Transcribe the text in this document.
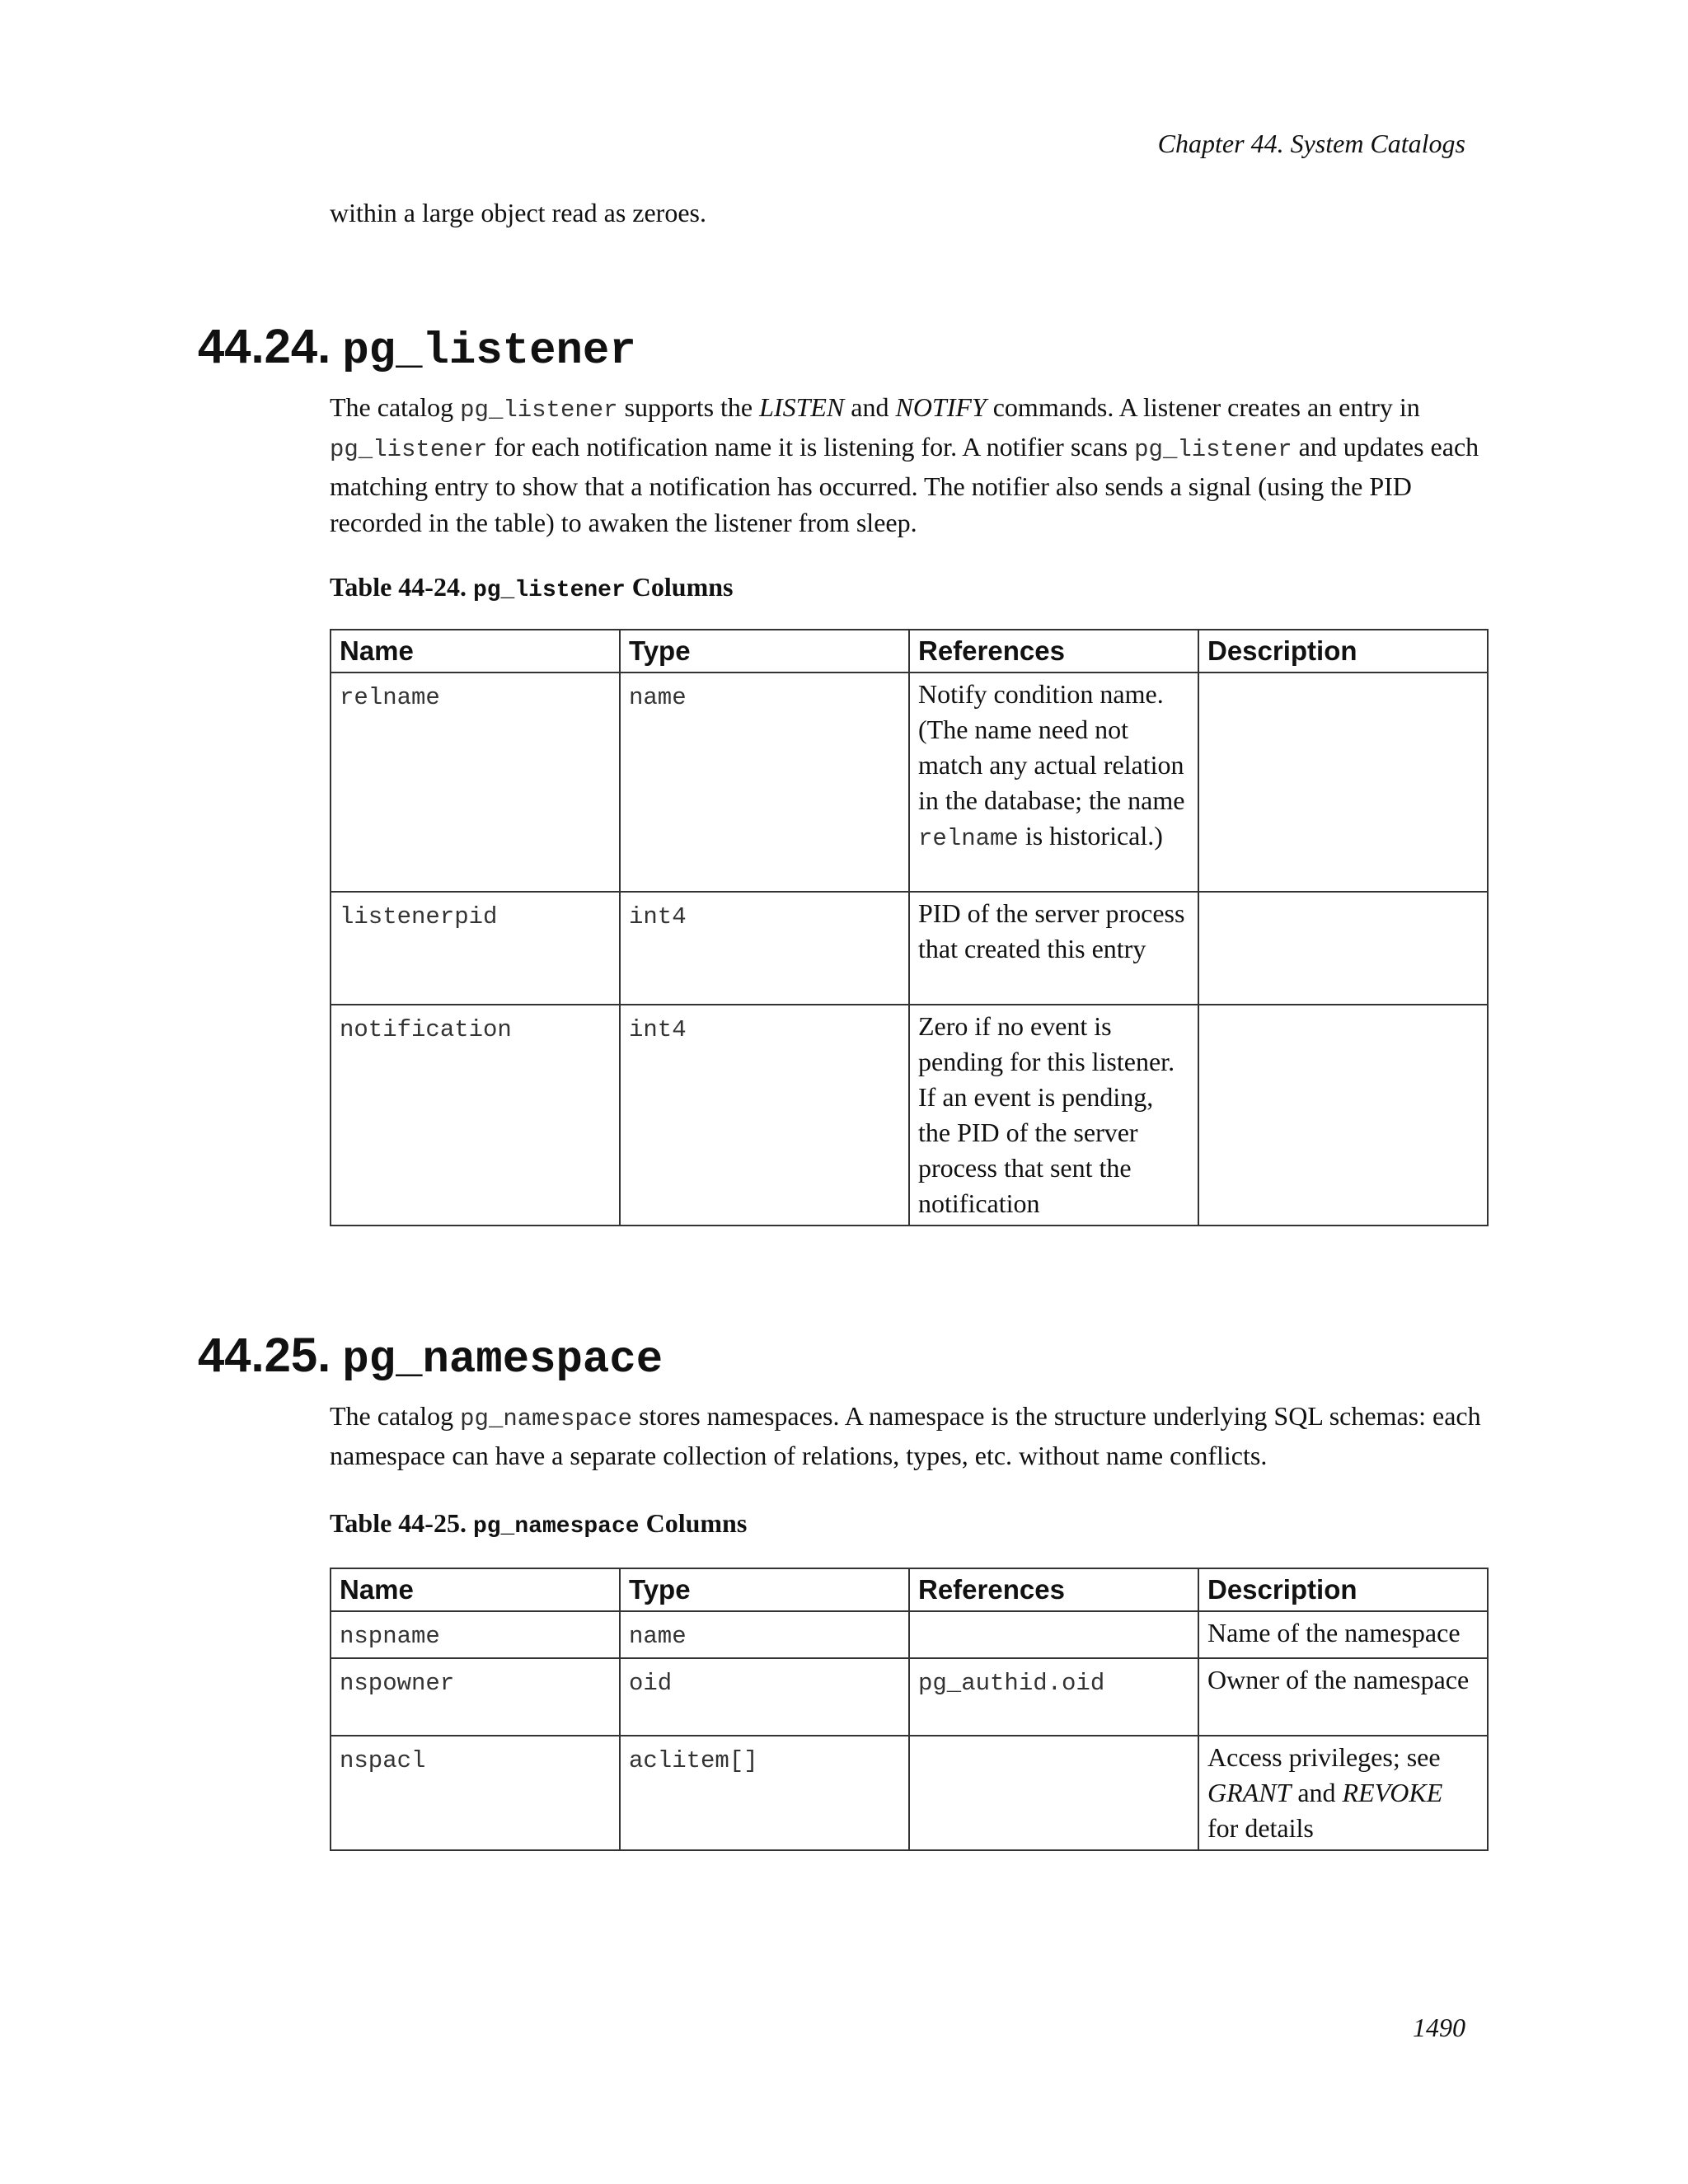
Chapter 44. System Catalogs
within a large object read as zeroes.
44.24. pg_listener

The catalog pg_listener supports the LISTEN and NOTIFY commands. A listener creates an entry in pg_listener for each notification name it is listening for. A notifier scans pg_listener and updates each matching entry to show that a notification has occurred. The notifier also sends a signal (using the PID recorded in the table) to awaken the listener from sleep.

Table 44-24. pg_listener Columns

Name	Type	References	Description
relname	name	Notify condition name. (The name need not match any actual relation in the database; the name relname is historical.)	
listenerpid	int4	PID of the server process that created this entry	
notification	int4	Zero if no event is pending for this listener. If an event is pending, the PID of the server process that sent the notification	
44.25. pg_namespace

The catalog pg_namespace stores namespaces. A namespace is the structure underlying SQL schemas: each namespace can have a separate collection of relations, types, etc. without name conflicts.

Table 44-25. pg_namespace Columns

Name	Type	References	Description
nspname	name		Name of the namespace
nspowner	oid	pg_authid.oid	Owner of the namespace
nspacl	aclitem[]		Access privileges; see GRANT and REVOKE for details
1490
